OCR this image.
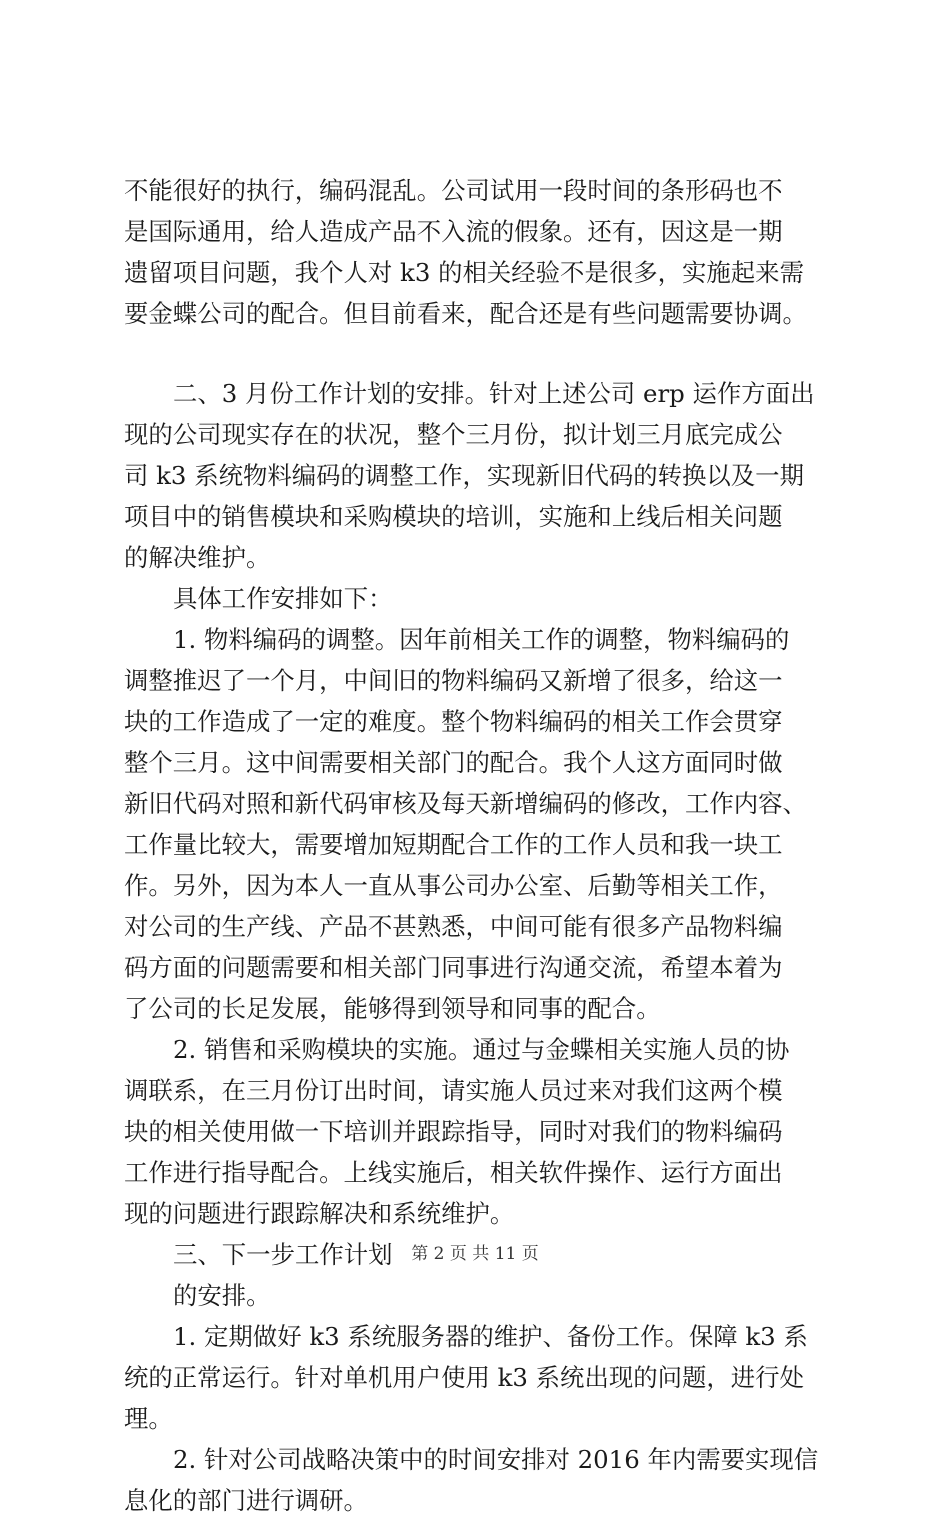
不能很好的执行，编码混乱。公司试用一段时间的条形码也不
是国际通用，给人造成产品不入流的假象。还有，因这是一期
遗留项目问题，我个人对 k3 的相关经验不是很多，实施起来需
要金蝶公司的配合。但目前看来，配合还是有些问题需要协调。
二、3 月份工作计划的安排。针对上述公司 erp 运作方面出
现的公司现实存在的状况，整个三月份，拟计划三月底完成公
司 k3 系统物料编码的调整工作，实现新旧代码的转换以及一期
项目中的销售模块和采购模块的培训，实施和上线后相关问题
的解决维护。
具体工作安排如下：
1. 物料编码的调整。因年前相关工作的调整，物料编码的
调整推迟了一个月，中间旧的物料编码又新增了很多，给这一
块的工作造成了一定的难度。整个物料编码的相关工作会贯穿
整个三月。这中间需要相关部门的配合。我个人这方面同时做
新旧代码对照和新代码审核及每天新增编码的修改，工作内容、
工作量比较大，需要增加短期配合工作的工作人员和我一块工
作。另外，因为本人一直从事公司办公室、后勤等相关工作，
对公司的生产线、产品不甚熟悉，中间可能有很多产品物料编
码方面的问题需要和相关部门同事进行沟通交流，希望本着为
了公司的长足发展，能够得到领导和同事的配合。
2. 销售和采购模块的实施。通过与金蝶相关实施人员的协
调联系，在三月份订出时间，请实施人员过来对我们这两个模
块的相关使用做一下培训并跟踪指导，同时对我们的物料编码
工作进行指导配合。上线实施后，相关软件操作、运行方面出
现的问题进行跟踪解决和系统维护。
三、下一步工作计划
的安排。
1. 定期做好 k3 系统服务器的维护、备份工作。保障 k3 系
统的正常运行。针对单机用户使用 k3 系统出现的问题，进行处
理。
2. 针对公司战略决策中的时间安排对 2016 年内需要实现信
息化的部门进行调研。
第 2 页 共 11 页
